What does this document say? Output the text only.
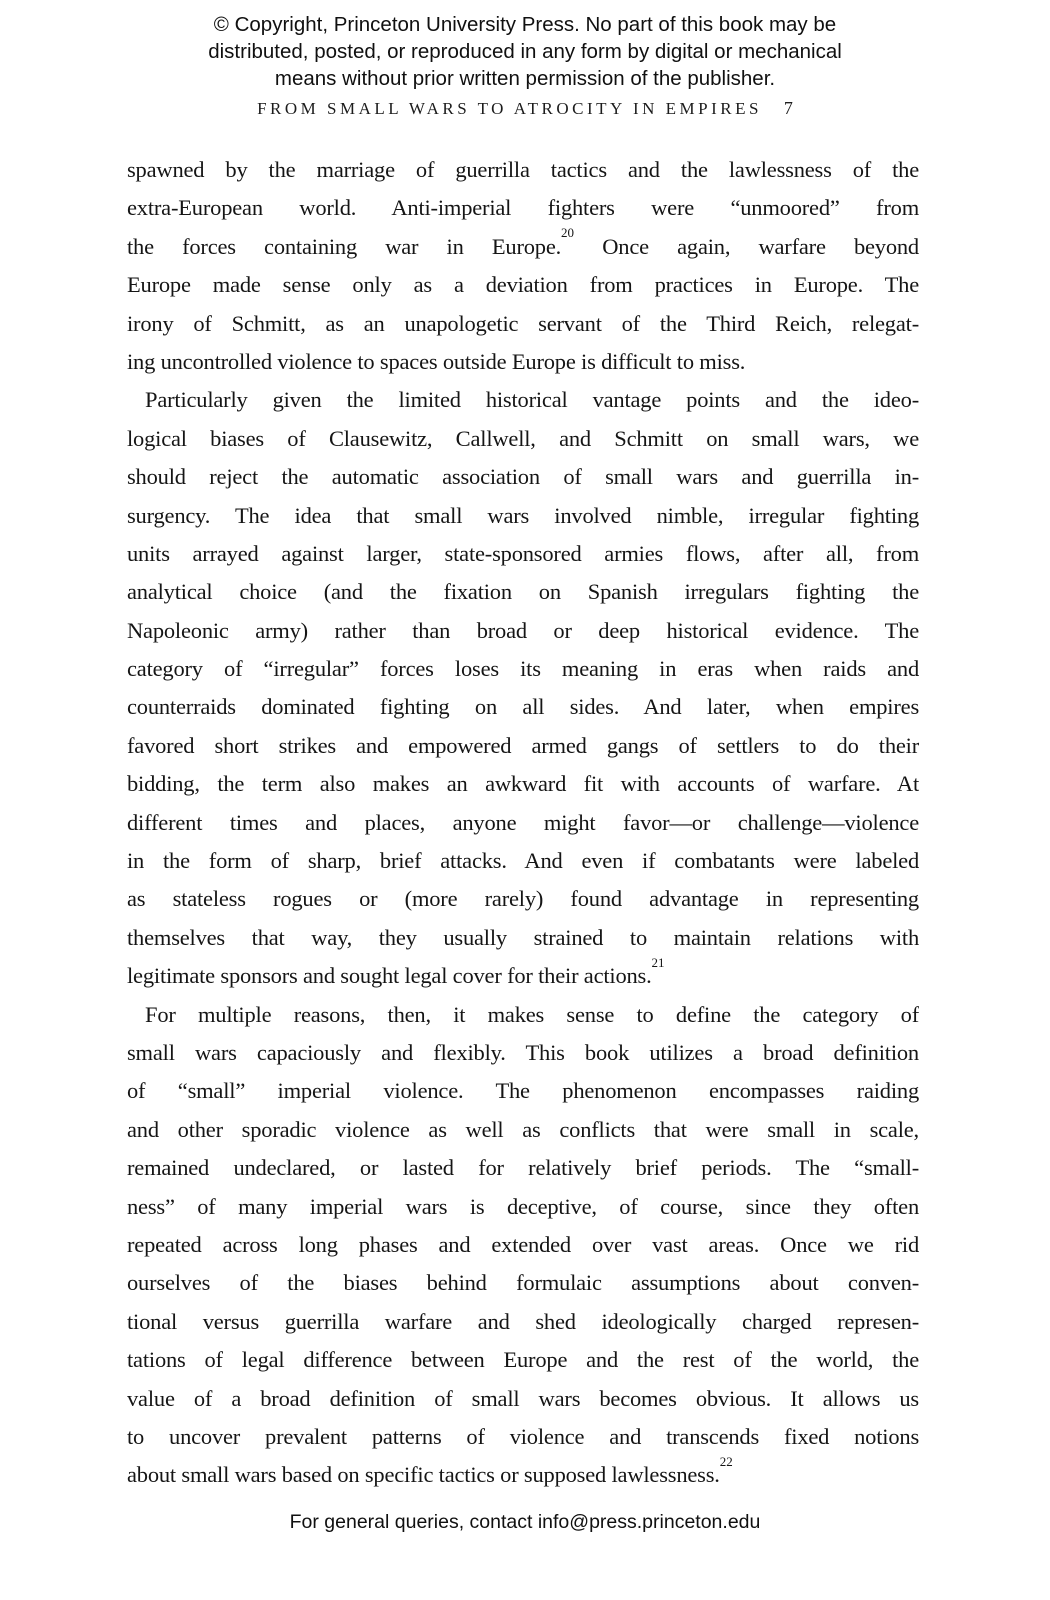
© Copyright, Princeton University Press. No part of this book may be
distributed, posted, or reproduced in any form by digital or mechanical
means without prior written permission of the publisher.
FROM SMALL WARS TO ATROCITY IN EMPIRES 7
spawned by the marriage of guerrilla tactics and the lawlessness of the
extra-European world. Anti-imperial fighters were “unmoored” from
the forces containing war in Europe.$^{20}$ Once again, warfare beyond
Europe made sense only as a deviation from practices in Europe. The
irony of Schmitt, as an unapologetic servant of the Third Reich, relegat-
ing uncontrolled violence to spaces outside Europe is difficult to miss.
Particularly given the limited historical vantage points and the ideo-
logical biases of Clausewitz, Callwell, and Schmitt on small wars, we
should reject the automatic association of small wars and guerrilla in-
surgency. The idea that small wars involved nimble, irregular fighting
units arrayed against larger, state-sponsored armies flows, after all, from
analytical choice (and the fixation on Spanish irregulars fighting the
Napoleonic army) rather than broad or deep historical evidence. The
category of “irregular” forces loses its meaning in eras when raids and
counterraids dominated fighting on all sides. And later, when empires
favored short strikes and empowered armed gangs of settlers to do their
bidding, the term also makes an awkward fit with accounts of warfare. At
different times and places, anyone might favor—or challenge—violence
in the form of sharp, brief attacks. And even if combatants were labeled
as stateless rogues or (more rarely) found advantage in representing
themselves that way, they usually strained to maintain relations with
legitimate sponsors and sought legal cover for their actions.$^{21}$
For multiple reasons, then, it makes sense to define the category of
small wars capaciously and flexibly. This book utilizes a broad definition
of “small” imperial violence. The phenomenon encompasses raiding
and other sporadic violence as well as conflicts that were small in scale,
remained undeclared, or lasted for relatively brief periods. The “small-
ness” of many imperial wars is deceptive, of course, since they often
repeated across long phases and extended over vast areas. Once we rid
ourselves of the biases behind formulaic assumptions about conven-
tional versus guerrilla warfare and shed ideologically charged represen-
tations of legal difference between Europe and the rest of the world, the
value of a broad definition of small wars becomes obvious. It allows us
to uncover prevalent patterns of violence and transcends fixed notions
about small wars based on specific tactics or supposed lawlessness.$^{22}$
For general queries, contact info@press.princeton.edu
